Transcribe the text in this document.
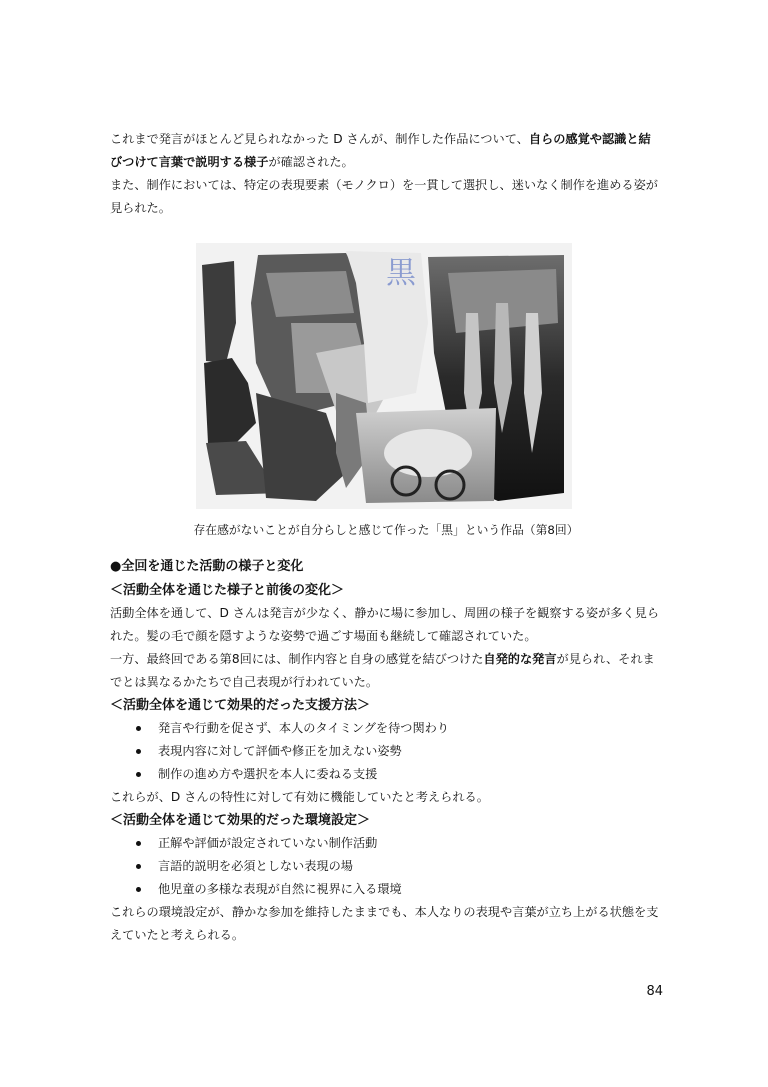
これまで発言がほとんど見られなかった D さんが、制作した作品について、自らの感覚や認識と結びつけて言葉で説明する様子が確認された。

また、制作においては、特定の表現要素（モノクロ）を一貫して選択し、迷いなく制作を進める姿が見られた。

黒
存在感がないことが自分らしと感じて作った「黒」という作品（第8回）

●全回を通じた活動の様子と変化

＜活動全体を通じた様子と前後の変化＞

活動全体を通して、D さんは発言が少なく、静かに場に参加し、周囲の様子を観察する姿が多く見られた。髪の毛で顔を隠すような姿勢で過ごす場面も継続して確認されていた。

一方、最終回である第8回には、制作内容と自身の感覚を結びつけた自発的な発言が見られ、それまでとは異なるかたちで自己表現が行われていた。

＜活動全体を通じて効果的だった支援方法＞

発言や行動を促さず、本人のタイミングを待つ関わり
表現内容に対して評価や修正を加えない姿勢
制作の進め方や選択を本人に委ねる支援

これらが、D さんの特性に対して有効に機能していたと考えられる。

＜活動全体を通じて効果的だった環境設定＞

正解や評価が設定されていない制作活動
言語的説明を必須としない表現の場
他児童の多様な表現が自然に視界に入る環境

これらの環境設定が、静かな参加を維持したままでも、本人なりの表現や言葉が立ち上がる状態を支えていたと考えられる。

84
